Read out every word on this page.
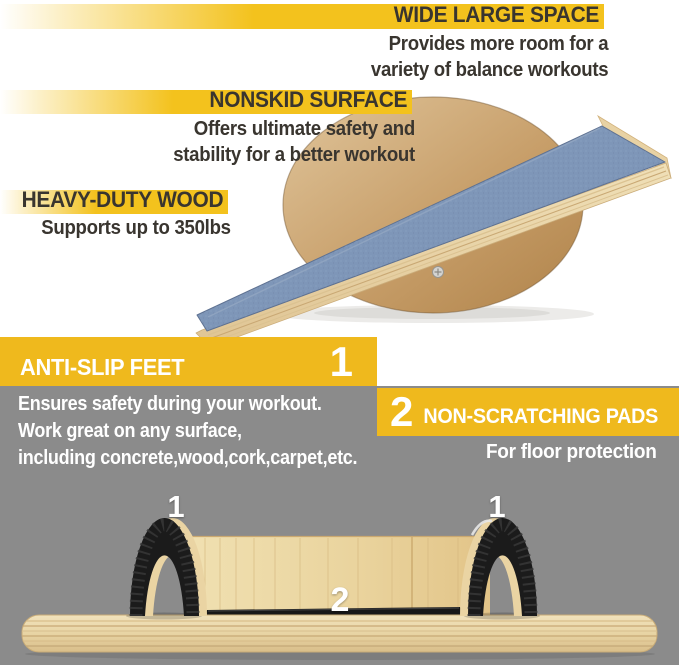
WIDE LARGE SPACE
Provides more room for a
variety of balance workouts
NONSKID SURFACE
Offers ultimate safety and
stability for a better workout
HEAVY-DUTY WOOD
Supports up to 350lbs
ANTI-SLIP FEET	1
Ensures safety during your workout.
Work great on any surface,
including concrete,wood,cork,carpet,etc.
2 NON-SCRATCHING PADS
For floor protection
1	1
2
